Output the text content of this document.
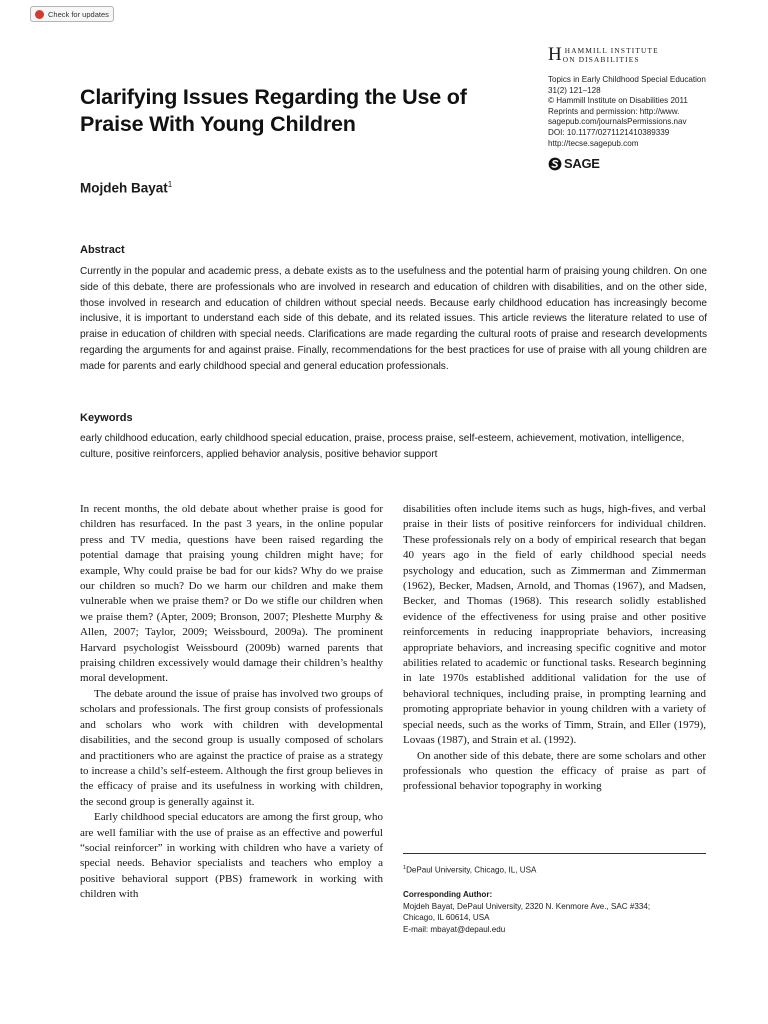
Check for updates
H HAMMILL INSTITUTE
ON DISABILITIES
Topics in Early Childhood Special Education
31(2) 121–128
© Hammill Institute on Disabilities 2011
Reprints and permission: http://www.
sagepub.com/journalsPermissions.nav
DOI: 10.1177/0271121410389339
http://tecse.sagepub.com
SAGE
Clarifying Issues Regarding the Use of Praise With Young Children
Mojdeh Bayat$^1$
Abstract
Currently in the popular and academic press, a debate exists as to the usefulness and the potential harm of praising young children. On one side of this debate, there are professionals who are involved in research and education of children with disabilities, and on the other side, those involved in research and education of children without special needs. Because early childhood education has increasingly become inclusive, it is important to understand each side of this debate, and its related issues. This article reviews the literature related to use of praise in education of children with special needs. Clarifications are made regarding the cultural roots of praise and research developments regarding the arguments for and against praise. Finally, recommendations for the best practices for use of praise with all young children are made for parents and early childhood special and general education professionals.
Keywords
early childhood education, early childhood special education, praise, process praise, self-esteem, achievement, motivation, intelligence, culture, positive reinforcers, applied behavior analysis, positive behavior support

In recent months, the old debate about whether praise is good for children has resurfaced. In the past 3 years, in the online popular press and TV media, questions have been raised regarding the potential damage that praising young children might have; for example, Why could praise be bad for our kids? Why do we praise our children so much? Do we harm our children and make them vulnerable when we praise them? or Do we stifle our children when we praise them? (Apter, 2009; Bronson, 2007; Pleshette Murphy & Allen, 2007; Taylor, 2009; Weissbourd, 2009a). The prominent Harvard psychologist Weissbourd (2009b) warned parents that praising children excessively would damage their children’s healthy moral development.

The debate around the issue of praise has involved two groups of scholars and professionals. The first group consists of professionals and scholars who work with children with developmental disabilities, and the second group is usually composed of scholars and practitioners who are against the practice of praise as a strategy to increase a child’s self-esteem. Although the first group believes in the efficacy of praise and its usefulness in working with children, the second group is generally against it.

Early childhood special educators are among the first group, who are well familiar with the use of praise as an effective and powerful “social reinforcer” in working with children who have a variety of special needs. Behavior specialists and teachers who employ a positive behavioral support (PBS) framework in working with children with

disabilities often include items such as hugs, high-fives, and verbal praise in their lists of positive reinforcers for individual children. These professionals rely on a body of empirical research that began 40 years ago in the field of early childhood special needs psychology and education, such as Zimmerman and Zimmerman (1962), Becker, Madsen, Arnold, and Thomas (1967), and Madsen, Becker, and Thomas (1968). This research solidly established evidence of the effectiveness for using praise and other positive reinforcements in reducing inappropriate behaviors, increasing appropriate behaviors, and increasing specific cognitive and motor abilities related to academic or functional tasks. Research beginning in late 1970s established additional validation for the use of behavioral techniques, including praise, in prompting learning and promoting appropriate behavior in young children with a variety of special needs, such as the works of Timm, Strain, and Eller (1979), Lovaas (1987), and Strain et al. (1992).

On another side of this debate, there are some scholars and other professionals who question the efficacy of praise as part of professional behavior topography in working

$^1$DePaul University, Chicago, IL, USA
Corresponding Author:
Mojdeh Bayat, DePaul University, 2320 N. Kenmore Ave., SAC #334;
Chicago, IL 60614, USA
E-mail: mbayat@depaul.edu
